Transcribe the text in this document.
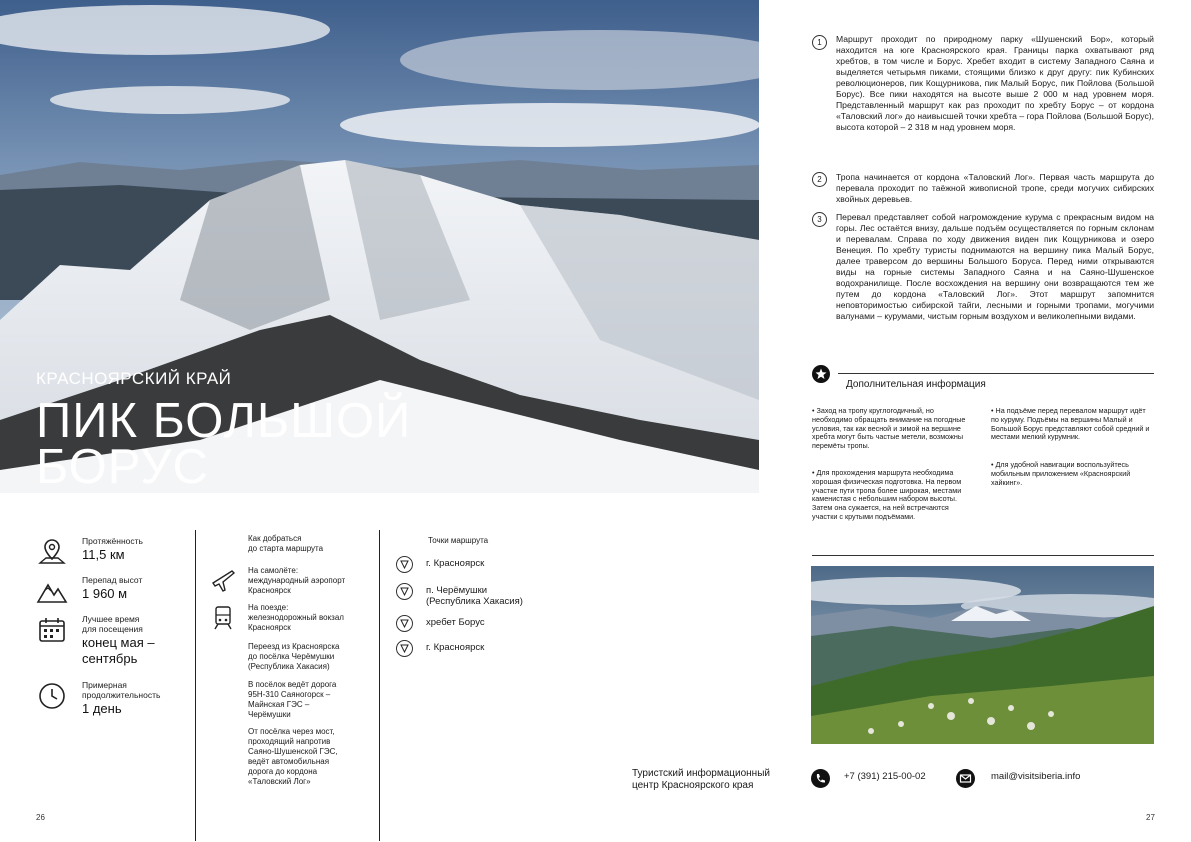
КРАСНОЯРСКИЙ КРАЙ
ПИК БОЛЬШОЙ БОРУС
Протяжённость
11,5 км
Перепад высот
1 960 м
Лучшее время
для посещения
конец мая –
сентябрь
Примерная
продолжительность
1 день
Как добраться
до старта маршрута
На самолёте:
международный аэропорт
Красноярск
На поезде:
железнодорожный вокзал
Красноярск
Переезд из Красноярска
до посёлка Черёмушки
(Республика Хакасия)
В посёлок ведёт дорога
95Н-310 Саяногорск –
Майнская ГЭС –
Черёмушки
От посёлка через мост,
проходящий напротив
Саяно-Шушенской ГЭС,
ведёт автомобильная
дорога до кордона
«Таловский Лог»
Точки маршрута
г. Красноярск
п. Черёмушки
(Республика Хакасия)
хребет Борус
г. Красноярск
26
1	Маршрут проходит по природному парку «Шушенский Бор», который находится на юге Красноярского края. Границы парка охватывают ряд хребтов, в том числе и Борус. Хребет входит в систему Западного Саяна и выделяется четырьмя пиками, стоящими близко к друг другу: пик Кубинских революционеров, пик Кощурникова, пик Малый Борус, пик Пойлова (Большой Борус). Все пики находятся на высоте выше 2 000 м над уровнем моря. Представленный маршрут как раз проходит по хребту Борус – от кордона «Таловский лог» до наивысшей точки хребта – гора Пойлова (Большой Борус), высота которой – 2 318 м над уровнем моря.

2	Тропа начинается от кордона «Таловский Лог». Первая часть маршрута до перевала проходит по таёжной живописной тропе, среди могучих сибирских хвойных деревьев.

3	Перевал представляет собой нагромождение курума с прекрасным видом на горы. Лес остаётся внизу, дальше подъём осуществляется по горным склонам и перевалам. Справа по ходу движения виден пик Кощурникова и озеро Венеция. По хребту туристы поднимаются на вершину пика Малый Борус, далее траверсом до вершины Большого Боруса. Перед ними открываются виды на горные системы Западного Саяна и на Саяно-Шушенское водохранилище. После восхождения на вершину они возвращаются тем же путем до кордона «Таловский Лог». Этот маршрут запомнится неповторимостью сибирской тайги, лесными и горными тропами, могучими валунами – курумами, чистым горным воздухом и великолепными видами.

Дополнительная информация
• Заход на тропу круглогодичный, но необходимо обращать внимание на погодные условия, так как весной и зимой на вершине хребта могут быть частые метели, возможны перемёты тропы.
• Для прохождения маршрута необходима хорошая физическая подготовка. На первом участке пути тропа более широкая, местами каменистая с небольшим набором высоты. Затем она сужается, на ней встречаются участки с крутыми подъёмами.
• На подъёме перед перевалом маршрут идёт по куруму. Подъёмы на вершины Малый и Большой Борус представляют собой средний и местами мелкий курумник.
• Для удобной навигации воспользуйтесь мобильным приложением «Красноярский хайкинг».
Туристский информационный
центр Красноярского края
+7 (391) 215-00-02	mail@visitsiberia.info
27
